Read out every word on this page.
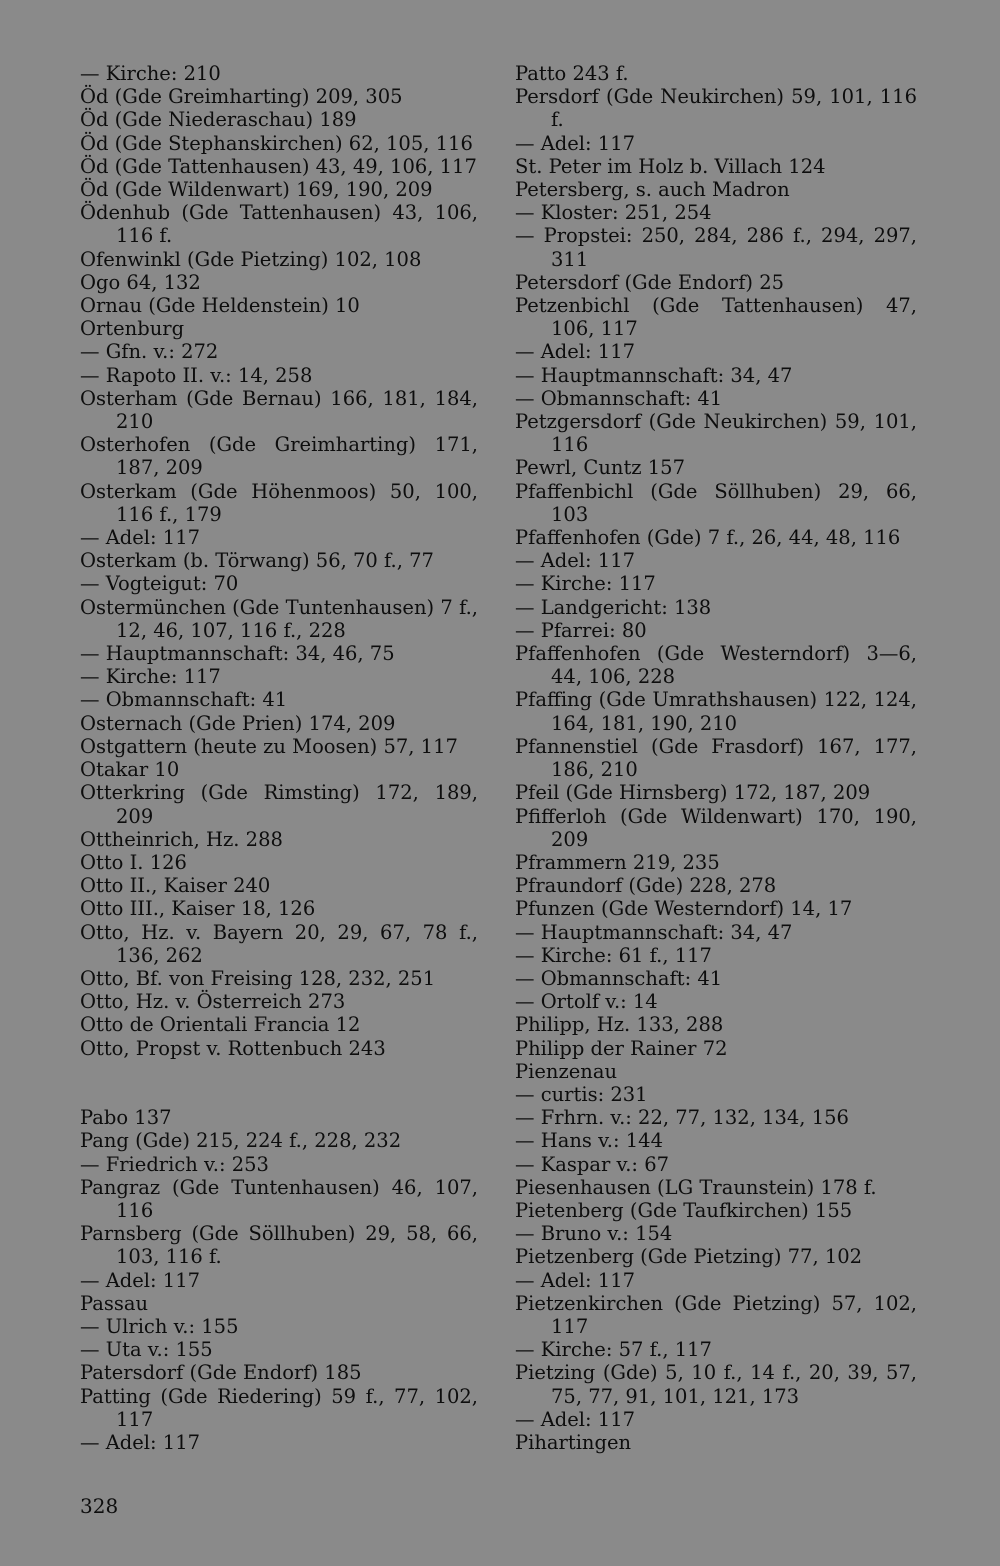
— Kirche: 210
Öd (Gde Greimharting) 209, 305
Öd (Gde Niederaschau) 189
Öd (Gde Stephanskirchen) 62, 105, 116
Öd (Gde Tattenhausen) 43, 49, 106, 117
Öd (Gde Wildenwart) 169, 190, 209
Ödenhub (Gde Tattenhausen) 43, 106, 116 f.
Ofenwinkl (Gde Pietzing) 102, 108
Ogo 64, 132
Ornau (Gde Heldenstein) 10
Ortenburg
— Gfn. v.: 272
— Rapoto II. v.: 14, 258
Osterham (Gde Bernau) 166, 181, 184, 210
Osterhofen (Gde Greimharting) 171, 187, 209
Osterkam (Gde Höhenmoos) 50, 100, 116 f., 179
— Adel: 117
Osterkam (b. Törwang) 56, 70 f., 77
— Vogteigut: 70
Ostermünchen (Gde Tuntenhausen) 7 f., 12, 46, 107, 116 f., 228
— Hauptmannschaft: 34, 46, 75
— Kirche: 117
— Obmannschaft: 41
Osternach (Gde Prien) 174, 209
Ostgattern (heute zu Moosen) 57, 117
Otakar 10
Otterkring (Gde Rimsting) 172, 189, 209
Ottheinrich, Hz. 288
Otto I. 126
Otto II., Kaiser 240
Otto III., Kaiser 18, 126
Otto, Hz. v. Bayern 20, 29, 67, 78 f., 136, 262
Otto, Bf. von Freising 128, 232, 251
Otto, Hz. v. Österreich 273
Otto de Orientali Francia 12
Otto, Propst v. Rottenbuch 243
Pabo 137
Pang (Gde) 215, 224 f., 228, 232
— Friedrich v.: 253
Pangraz (Gde Tuntenhausen) 46, 107, 116
Parnsberg (Gde Söllhuben) 29, 58, 66, 103, 116 f.
— Adel: 117
Passau
— Ulrich v.: 155
— Uta v.: 155
Patersdorf (Gde Endorf) 185
Patting (Gde Riedering) 59 f., 77, 102, 117
— Adel: 117
Patto 243 f.
Persdorf (Gde Neukirchen) 59, 101, 116 f.
— Adel: 117
St. Peter im Holz b. Villach 124
Petersberg, s. auch Madron
— Kloster: 251, 254
— Propstei: 250, 284, 286 f., 294, 297, 311
Petersdorf (Gde Endorf) 25
Petzenbichl (Gde Tattenhausen) 47, 106, 117
— Adel: 117
— Hauptmannschaft: 34, 47
— Obmannschaft: 41
Petzgersdorf (Gde Neukirchen) 59, 101, 116
Pewrl, Cuntz 157
Pfaffenbichl (Gde Söllhuben) 29, 66, 103
Pfaffenhofen (Gde) 7 f., 26, 44, 48, 116
— Adel: 117
— Kirche: 117
— Landgericht: 138
— Pfarrei: 80
Pfaffenhofen (Gde Westerndorf) 3—6, 44, 106, 228
Pfaffing (Gde Umrathshausen) 122, 124, 164, 181, 190, 210
Pfannenstiel (Gde Frasdorf) 167, 177, 186, 210
Pfeil (Gde Hirnsberg) 172, 187, 209
Pfifferloh (Gde Wildenwart) 170, 190, 209
Pframmern 219, 235
Pfraundorf (Gde) 228, 278
Pfunzen (Gde Westerndorf) 14, 17
— Hauptmannschaft: 34, 47
— Kirche: 61 f., 117
— Obmannschaft: 41
— Ortolf v.: 14
Philipp, Hz. 133, 288
Philipp der Rainer 72
Pienzenau
— curtis: 231
— Frhrn. v.: 22, 77, 132, 134, 156
— Hans v.: 144
— Kaspar v.: 67
Piesenhausen (LG Traunstein) 178 f.
Pietenberg (Gde Taufkirchen) 155
— Bruno v.: 154
Pietzenberg (Gde Pietzing) 77, 102
— Adel: 117
Pietzenkirchen (Gde Pietzing) 57, 102, 117
— Kirche: 57 f., 117
Pietzing (Gde) 5, 10 f., 14 f., 20, 39, 57, 75, 77, 91, 101, 121, 173
— Adel: 117
Pihartingen
328
